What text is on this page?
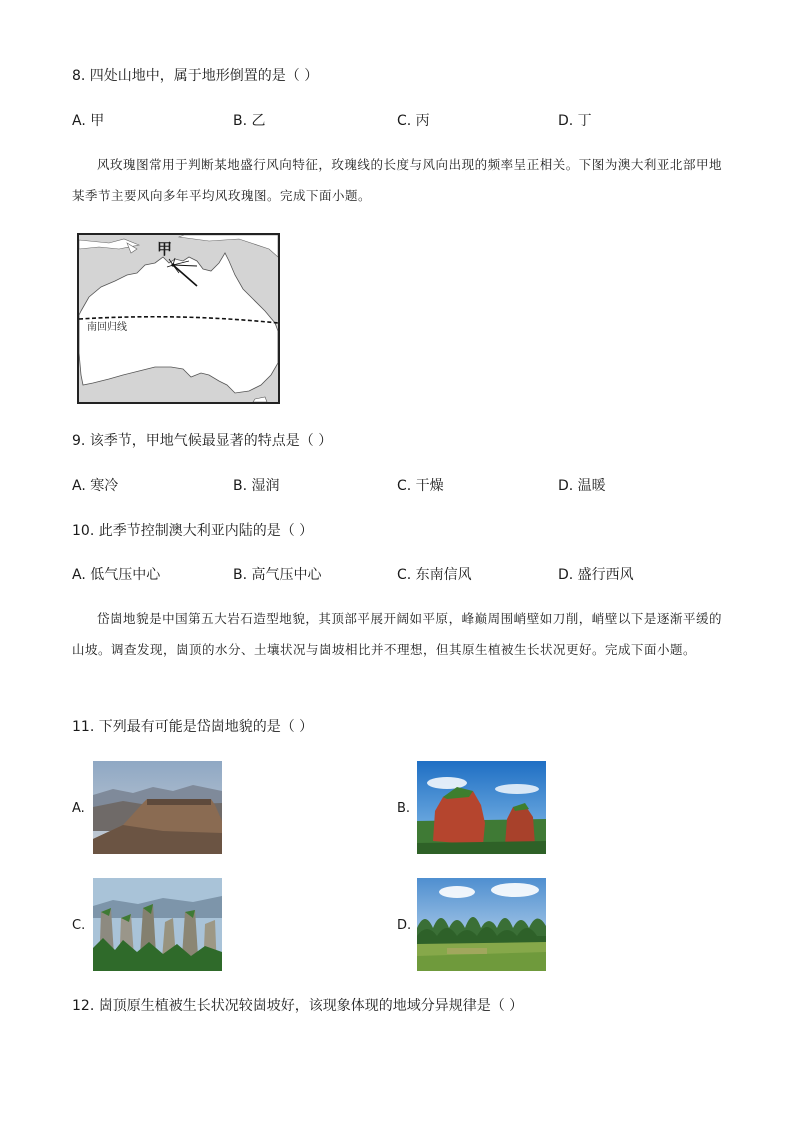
8. 四处山地中，属于地形倒置的是（ ）
A. 甲	B. 乙	C. 丙	D. 丁
风玫瑰图常用于判断某地盛行风向特征，玫瑰线的长度与风向出现的频率呈正相关。下图为澳大利亚北部甲地某季节主要风向多年平均风玫瑰图。完成下面小题。
甲
南回归线
9. 该季节，甲地气候最显著的特点是（ ）
A. 寒冷	B. 湿润	C. 干燥	D. 温暖
10. 此季节控制澳大利亚内陆的是（ ）
A. 低气压中心	B. 高气压中心	C. 东南信风	D. 盛行西风
岱崮地貌是中国第五大岩石造型地貌，其顶部平展开阔如平原，峰巅周围峭壁如刀削，峭壁以下是逐渐平缓的山坡。调查发现，崮顶的水分、土壤状况与崮坡相比并不理想，但其原生植被生长状况更好。完成下面小题。
11. 下列最有可能是岱崮地貌的是（ ）
A.	B.
C.	D.
12. 崮顶原生植被生长状况较崮坡好，该现象体现的地域分异规律是（ ）
